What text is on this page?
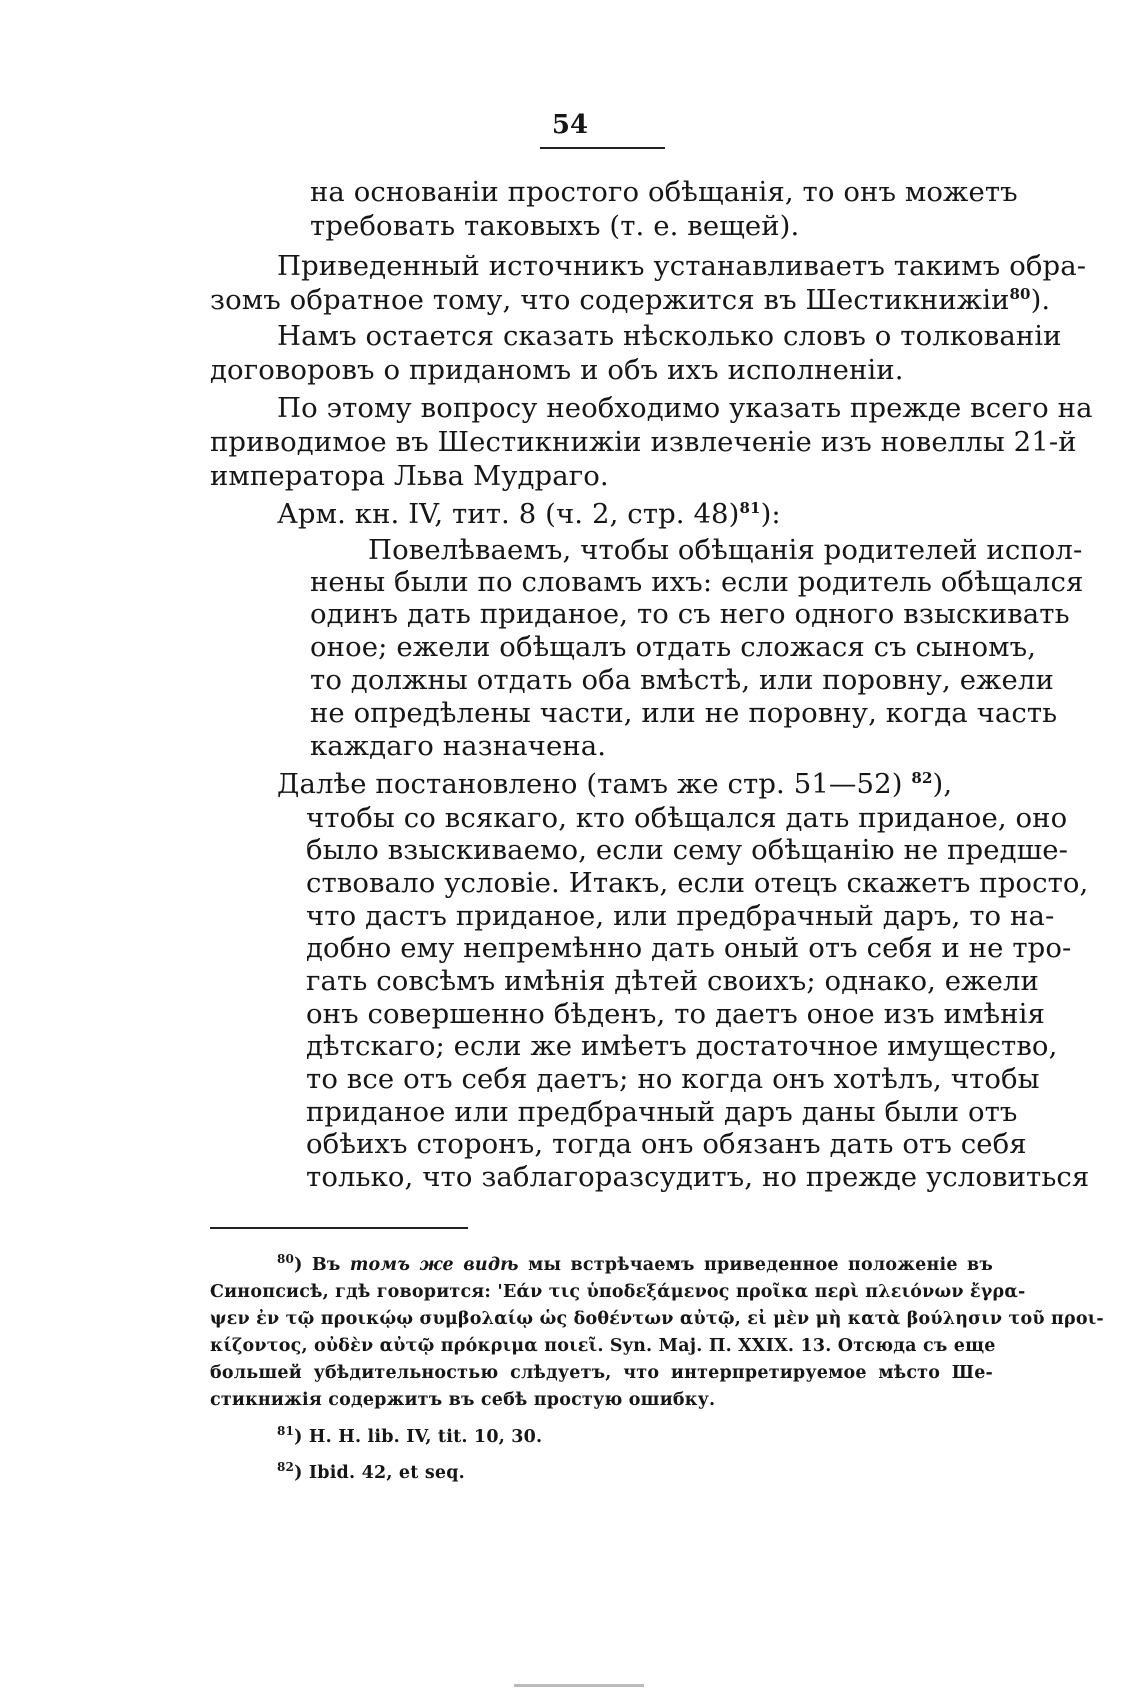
54
на основаніи простого обѣщанія, то онъ можетъ
требовать таковыхъ (т. е. вещей).
Приведенный источникъ устанавливаетъ такимъ обра-
зомъ обратное тому, что содержится въ Шестикнижіи$^{80}$).
Намъ остается сказать нѣсколько словъ о толкованіи
договоровъ о приданомъ и объ ихъ исполненіи.
По этому вопросу необходимо указать прежде всего на
приводимое въ Шестикнижіи извлеченіе изъ новеллы 21-й
императора Льва Мудраго.
Арм. кн. IV, тит. 8 (ч. 2, стр. 48)$^{81}$):
Повелѣваемъ, чтобы обѣщанія родителей испол-
нены были по словамъ ихъ: если родитель обѣщался
одинъ дать приданое, то съ него одного взыскивать
оное; ежели обѣщалъ отдать сложася съ сыномъ,
то должны отдать оба вмѣстѣ, или поровну, ежели
не опредѣлены части, или не поровну, когда часть
каждаго назначена.
Далѣе постановлено (тамъ же стр. 51—52) $^{82}$),
чтобы со всякаго, кто обѣщался дать приданое, оно
было взыскиваемо, если сему обѣщанію не предше-
ствовало условіе. Итакъ, если отецъ скажетъ просто,
что дастъ приданое, или предбрачный даръ, то на-
добно ему непремѣнно дать оный отъ себя и не тро-
гать совсѣмъ имѣнія дѣтей своихъ; однако, ежели
онъ совершенно бѣденъ, то даетъ оное изъ имѣнія
дѣтскаго; если же имѣетъ достаточное имущество,
то все отъ себя даетъ; но когда онъ хотѣлъ, чтобы
приданое или предбрачный даръ даны были отъ
обѣихъ сторонъ, тогда онъ обязанъ дать отъ себя
только, что заблагоразсудитъ, но прежде условиться
$^{80}$) Въ томъ же видѣ мы встрѣчаемъ приведенное положеніе въ
Синопсисѣ, гдѣ говорится: 'Εάν τις ὑποδεξάμενος προῖκα περὶ πλειόνων ἔγρα-
ψεν ἐν τῷ προικῴῳ συμβολαίῳ ὡς δοθέντων αὐτῷ, εἰ μὲν μὴ κατὰ βούλησιν τοῦ προι-
κίζοντος, οὐδὲν αὐτῷ πρόκριμα ποιεῖ. Syn. Maj. П. XXIX. 13. Отсюда съ еще
большей убѣдительностью слѣдуетъ, что интерпретируемое мѣсто Ше-
стикнижія содержитъ въ себѣ простую ошибку.
$^{81}$) H. H. lib. IV, tit. 10, 30.
$^{82}$) Ibid. 42, et seq.
